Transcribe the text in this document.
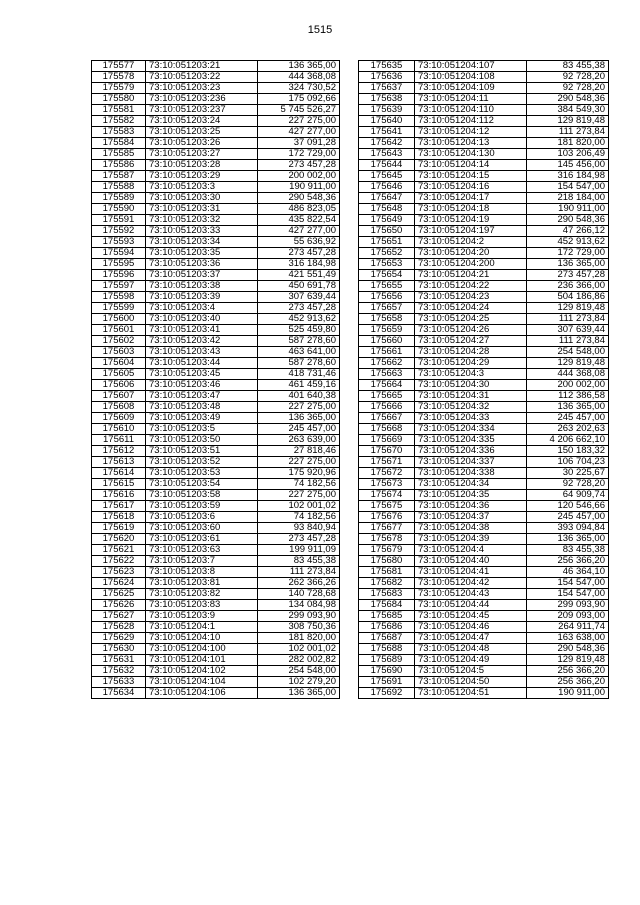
1515
175577	73:10:051203:21	136 365,00
175578	73:10:051203:22	444 368,08
175579	73:10:051203:23	324 730,52
175580	73:10:051203:236	175 092,66
175581	73:10:051203:237	5 745 526,27
175582	73:10:051203:24	227 275,00
175583	73:10:051203:25	427 277,00
175584	73:10:051203:26	37 091,28
175585	73:10:051203:27	172 729,00
175586	73:10:051203:28	273 457,28
175587	73:10:051203:29	200 002,00
175588	73:10:051203:3	190 911,00
175589	73:10:051203:30	290 548,36
175590	73:10:051203:31	486 823,05
175591	73:10:051203:32	435 822,54
175592	73:10:051203:33	427 277,00
175593	73:10:051203:34	55 636,92
175594	73:10:051203:35	273 457,28
175595	73:10:051203:36	316 184,98
175596	73:10:051203:37	421 551,49
175597	73:10:051203:38	450 691,78
175598	73:10:051203:39	307 639,44
175599	73:10:051203:4	273 457,28
175600	73:10:051203:40	452 913,62
175601	73:10:051203:41	525 459,80
175602	73:10:051203:42	587 278,60
175603	73:10:051203:43	463 641,00
175604	73:10:051203:44	587 278,60
175605	73:10:051203:45	418 731,46
175606	73:10:051203:46	461 459,16
175607	73:10:051203:47	401 640,38
175608	73:10:051203:48	227 275,00
175609	73:10:051203:49	136 365,00
175610	73:10:051203:5	245 457,00
175611	73:10:051203:50	263 639,00
175612	73:10:051203:51	27 818,46
175613	73:10:051203:52	227 275,00
175614	73:10:051203:53	175 920,96
175615	73:10:051203:54	74 182,56
175616	73:10:051203:58	227 275,00
175617	73:10:051203:59	102 001,02
175618	73:10:051203:6	74 182,56
175619	73:10:051203:60	93 840,94
175620	73:10:051203:61	273 457,28
175621	73:10:051203:63	199 911,09
175622	73:10:051203:7	83 455,38
175623	73:10:051203:8	111 273,84
175624	73:10:051203:81	262 366,26
175625	73:10:051203:82	140 728,68
175626	73:10:051203:83	134 084,98
175627	73:10:051203:9	299 093,90
175628	73:10:051204:1	308 750,36
175629	73:10:051204:10	181 820,00
175630	73:10:051204:100	102 001,02
175631	73:10:051204:101	282 002,82
175632	73:10:051204:102	254 548,00
175633	73:10:051204:104	102 279,20
175634	73:10:051204:106	136 365,00
175635	73:10:051204:107	83 455,38
175636	73:10:051204:108	92 728,20
175637	73:10:051204:109	92 728,20
175638	73:10:051204:11	290 548,36
175639	73:10:051204:110	384 549,30
175640	73:10:051204:112	129 819,48
175641	73:10:051204:12	111 273,84
175642	73:10:051204:13	181 820,00
175643	73:10:051204:130	103 206,49
175644	73:10:051204:14	145 456,00
175645	73:10:051204:15	316 184,98
175646	73:10:051204:16	154 547,00
175647	73:10:051204:17	218 184,00
175648	73:10:051204:18	190 911,00
175649	73:10:051204:19	290 548,36
175650	73:10:051204:197	47 266,12
175651	73:10:051204:2	452 913,62
175652	73:10:051204:20	172 729,00
175653	73:10:051204:200	136 365,00
175654	73:10:051204:21	273 457,28
175655	73:10:051204:22	236 366,00
175656	73:10:051204:23	504 186,86
175657	73:10:051204:24	129 819,48
175658	73:10:051204:25	111 273,84
175659	73:10:051204:26	307 639,44
175660	73:10:051204:27	111 273,84
175661	73:10:051204:28	254 548,00
175662	73:10:051204:29	129 819,48
175663	73:10:051204:3	444 368,08
175664	73:10:051204:30	200 002,00
175665	73:10:051204:31	112 386,58
175666	73:10:051204:32	136 365,00
175667	73:10:051204:33	245 457,00
175668	73:10:051204:334	263 202,63
175669	73:10:051204:335	4 206 662,10
175670	73:10:051204:336	150 183,32
175671	73:10:051204:337	106 704,23
175672	73:10:051204:338	30 225,67
175673	73:10:051204:34	92 728,20
175674	73:10:051204:35	64 909,74
175675	73:10:051204:36	120 546,66
175676	73:10:051204:37	245 457,00
175677	73:10:051204:38	393 094,84
175678	73:10:051204:39	136 365,00
175679	73:10:051204:4	83 455,38
175680	73:10:051204:40	256 366,20
175681	73:10:051204:41	46 364,10
175682	73:10:051204:42	154 547,00
175683	73:10:051204:43	154 547,00
175684	73:10:051204:44	299 093,90
175685	73:10:051204:45	209 093,00
175686	73:10:051204:46	264 911,74
175687	73:10:051204:47	163 638,00
175688	73:10:051204:48	290 548,36
175689	73:10:051204:49	129 819,48
175690	73:10:051204:5	256 366,20
175691	73:10:051204:50	256 366,20
175692	73:10:051204:51	190 911,00
